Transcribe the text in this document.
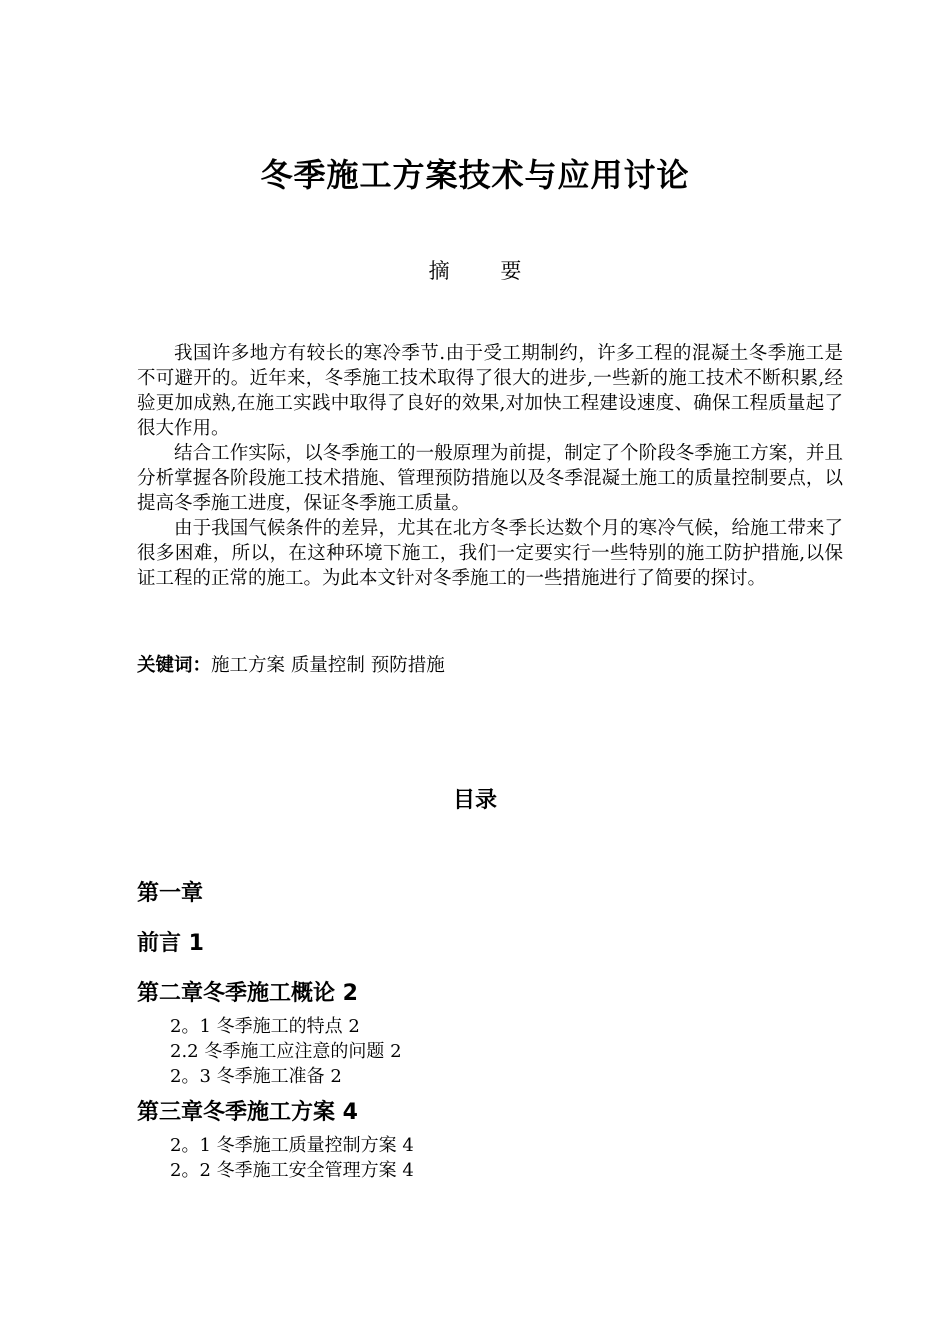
冬季施工方案技术与应用讨论
摘 要

我国许多地方有较长的寒冷季节.由于受工期制约，许多工程的混凝土冬季施工是不可避开的。近年来，冬季施工技术取得了很大的进步,一些新的施工技术不断积累,经验更加成熟,在施工实践中取得了良好的效果,对加快工程建设速度、确保工程质量起了很大作用。

结合工作实际，以冬季施工的一般原理为前提，制定了个阶段冬季施工方案，并且分析掌握各阶段施工技术措施、管理预防措施以及冬季混凝土施工的质量控制要点，以提高冬季施工进度，保证冬季施工质量。

由于我国气候条件的差异，尤其在北方冬季长达数个月的寒冷气候，给施工带来了很多困难，所以，在这种环境下施工，我们一定要实行一些特别的施工防护措施,以保证工程的正常的施工。为此本文针对冬季施工的一些措施进行了简要的探讨。

关键词：施工方案 质量控制 预防措施
目录

第一章

前言 1

第二章冬季施工概论 2

2。1 冬季施工的特点 2

2.2 冬季施工应注意的问题 2

2。3 冬季施工准备 2

第三章冬季施工方案 4

2。1 冬季施工质量控制方案 4

2。2 冬季施工安全管理方案 4
